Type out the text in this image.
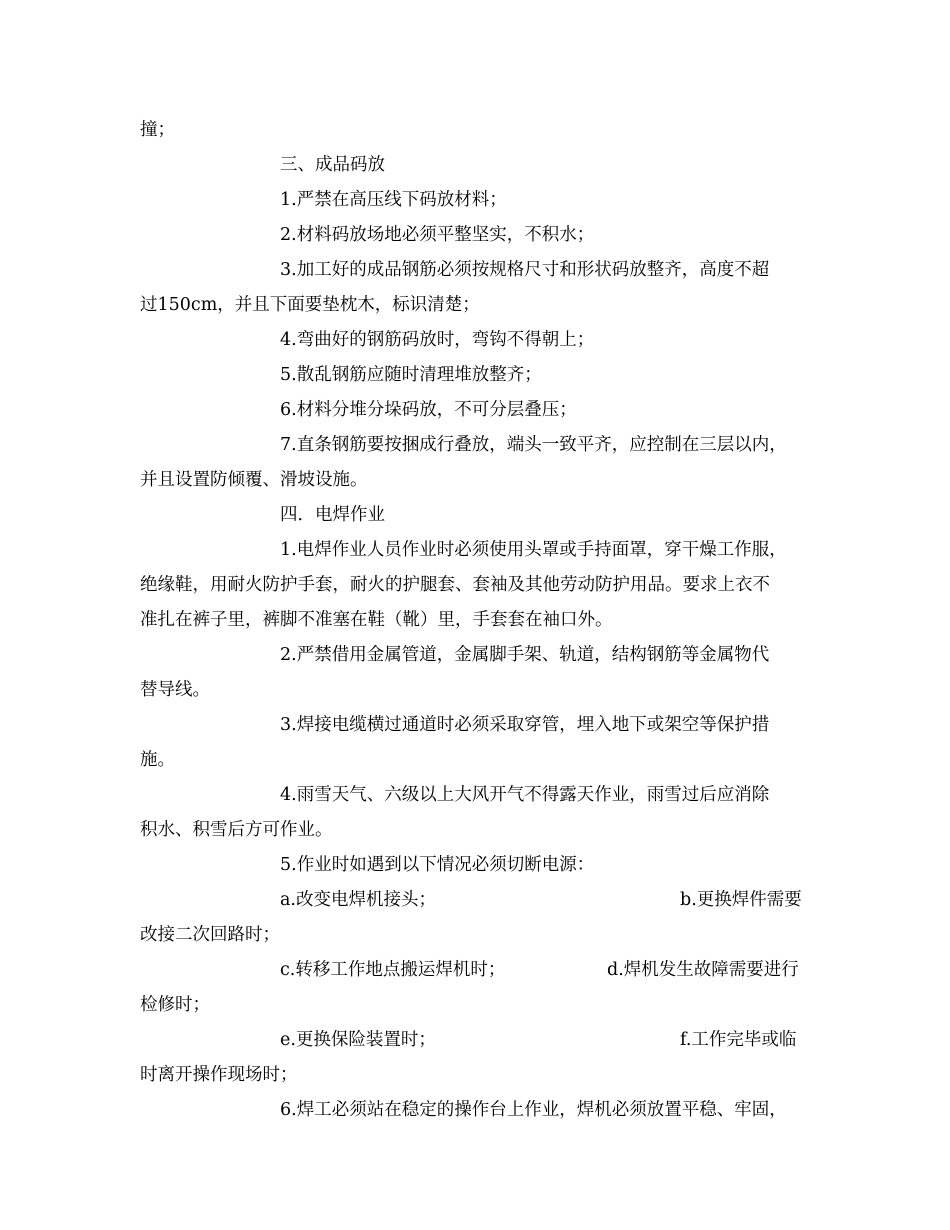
撞；
三、成品码放
1.严禁在高压线下码放材料；
2.材料码放场地必须平整坚实，不积水；
3.加工好的成品钢筋必须按规格尺寸和形状码放整齐，高度不超
过150cm，并且下面要垫枕木，标识清楚；
4.弯曲好的钢筋码放时，弯钩不得朝上；
5.散乱钢筋应随时清理堆放整齐；
6.材料分堆分垛码放，不可分层叠压；
7.直条钢筋要按捆成行叠放，端头一致平齐，应控制在三层以内，
并且设置防倾覆、滑坡设施。
四．电焊作业
1.电焊作业人员作业时必须使用头罩或手持面罩，穿干燥工作服，
绝缘鞋，用耐火防护手套，耐火的护腿套、套袖及其他劳动防护用品。要求上衣不
准扎在裤子里，裤脚不准塞在鞋（靴）里，手套套在袖口外。
2.严禁借用金属管道，金属脚手架、轨道，结构钢筋等金属物代
替导线。
3.焊接电缆横过通道时必须采取穿管，埋入地下或架空等保护措
施。
4.雨雪天气、六级以上大风开气不得露天作业，雨雪过后应消除
积水、积雪后方可作业。
5.作业时如遇到以下情况必须切断电源：
a.改变电焊机接头；	b.更换焊件需要
改接二次回路时；
c.转移工作地点搬运焊机时；	d.焊机发生故障需要进行
检修时；
e.更换保险装置时；	f.工作完毕或临
时离开操作现场时；
6.焊工必须站在稳定的操作台上作业，焊机必须放置平稳、牢固，
